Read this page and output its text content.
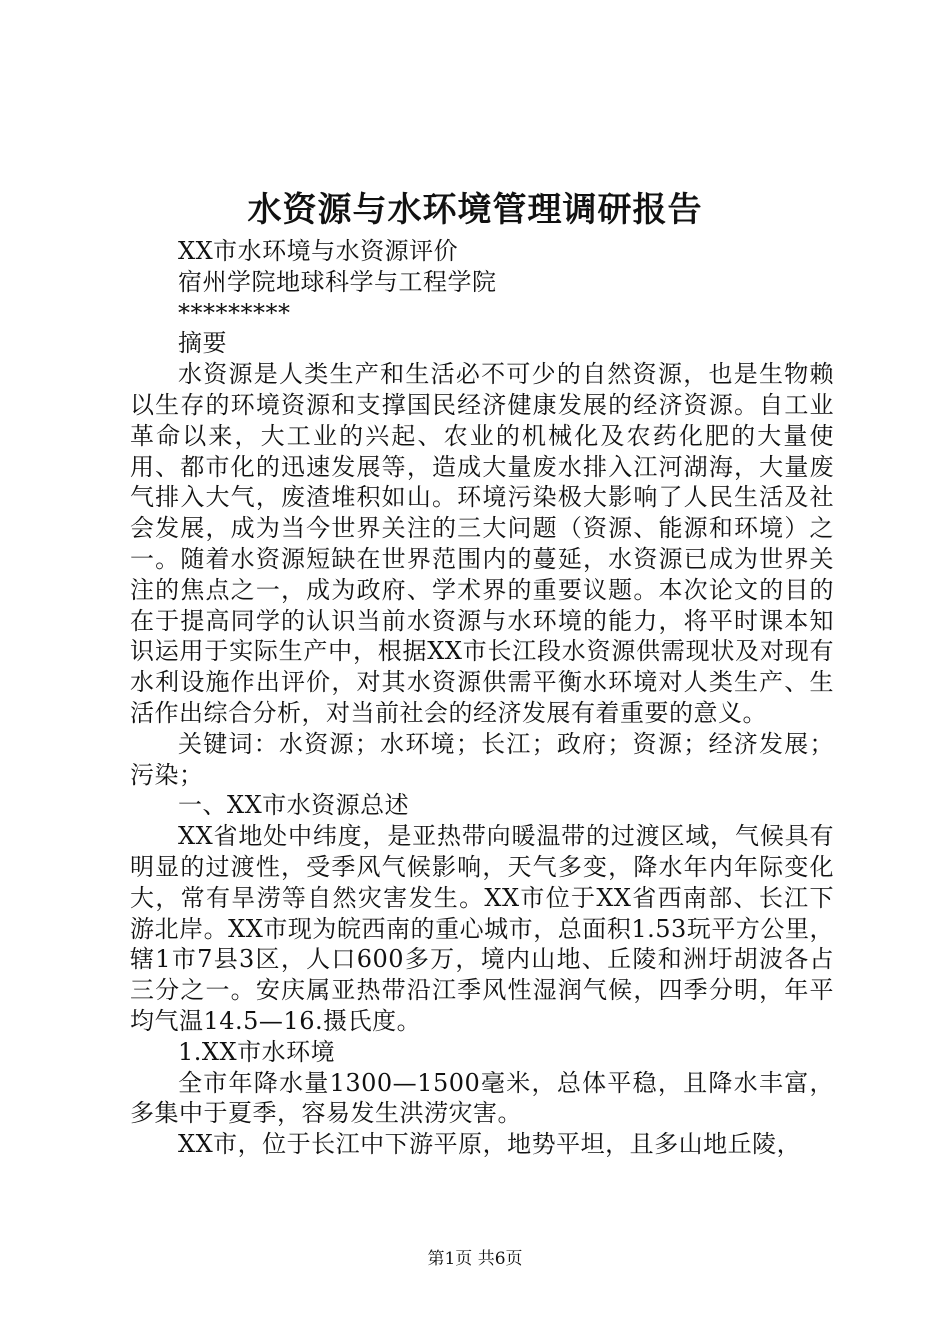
水资源与水环境管理调研报告

XX市水环境与水资源评价

宿州学院地球科学与工程学院

*********

摘要

水资源是人类生产和生活必不可少的自然资源，也是生物赖以生存的环境资源和支撑国民经济健康发展的经济资源。自工业革命以来，大工业的兴起、农业的机械化及农药化肥的大量使用、都市化的迅速发展等，造成大量废水排入江河湖海，大量废气排入大气，废渣堆积如山。环境污染极大影响了人民生活及社会发展，成为当今世界关注的三大问题（资源、能源和环境）之一。随着水资源短缺在世界范围内的蔓延，水资源已成为世界关注的焦点之一，成为政府、学术界的重要议题。本次论文的目的在于提高同学的认识当前水资源与水环境的能力，将平时课本知识运用于实际生产中，根据XX市长江段水资源供需现状及对现有水利设施作出评价，对其水资源供需平衡水环境对人类生产、生活作出综合分析，对当前社会的经济发展有着重要的意义。

关键词：水资源；水环境；长江；政府；资源；经济发展；污染；

一、XX市水资源总述

XX省地处中纬度，是亚热带向暖温带的过渡区域，气候具有明显的过渡性，受季风气候影响，天气多变，降水年内年际变化大，常有旱涝等自然灾害发生。XX市位于XX省西南部、长江下游北岸。XX市现为皖西南的重心城市，总面积1.53玩平方公里，辖1市7县3区，人口600多万，境内山地、丘陵和洲圩胡波各占三分之一。安庆属亚热带沿江季风性湿润气候，四季分明，年平均气温14.5—16.摄氏度。

1.XX市水环境

全市年降水量1300—1500毫米，总体平稳，且降水丰富，多集中于夏季，容易发生洪涝灾害。

XX市，位于长江中下游平原，地势平坦，且多山地丘陵，

第1页 共6页
